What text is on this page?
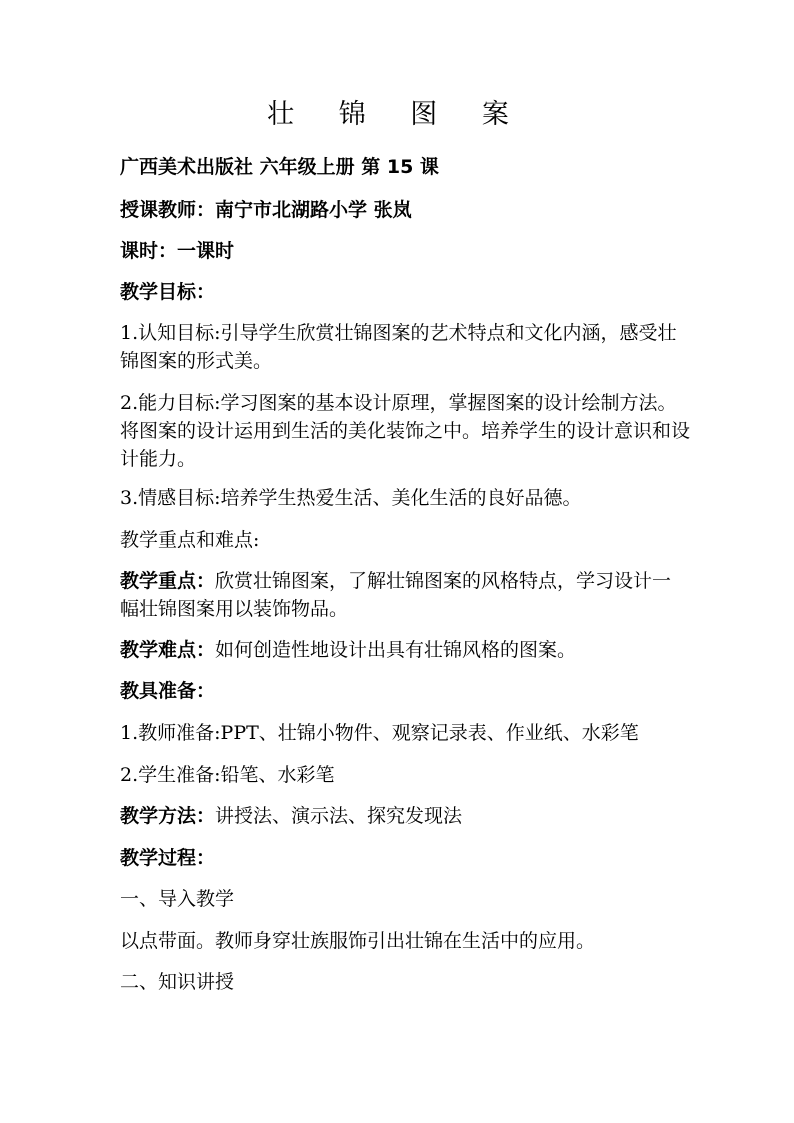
壮 锦 图 案
广西美术出版社 六年级上册 第 15 课
授课教师：南宁市北湖路小学 张岚
课时：一课时
教学目标：
1.认知目标:引导学生欣赏壮锦图案的艺术特点和文化内涵，感受壮锦图案的形式美。
2.能力目标:学习图案的基本设计原理，掌握图案的设计绘制方法。将图案的设计运用到生活的美化装饰之中。培养学生的设计意识和设计能力。
3.情感目标:培养学生热爱生活、美化生活的良好品德。
教学重点和难点:
教学重点：欣赏壮锦图案，了解壮锦图案的风格特点，学习设计一幅壮锦图案用以装饰物品。
教学难点：如何创造性地设计出具有壮锦风格的图案。
教具准备：
1.教师准备:PPT、壮锦小物件、观察记录表、作业纸、水彩笔
2.学生准备:铅笔、水彩笔
教学方法：讲授法、演示法、探究发现法
教学过程：
一、导入教学
以点带面。教师身穿壮族服饰引出壮锦在生活中的应用。
二、知识讲授
